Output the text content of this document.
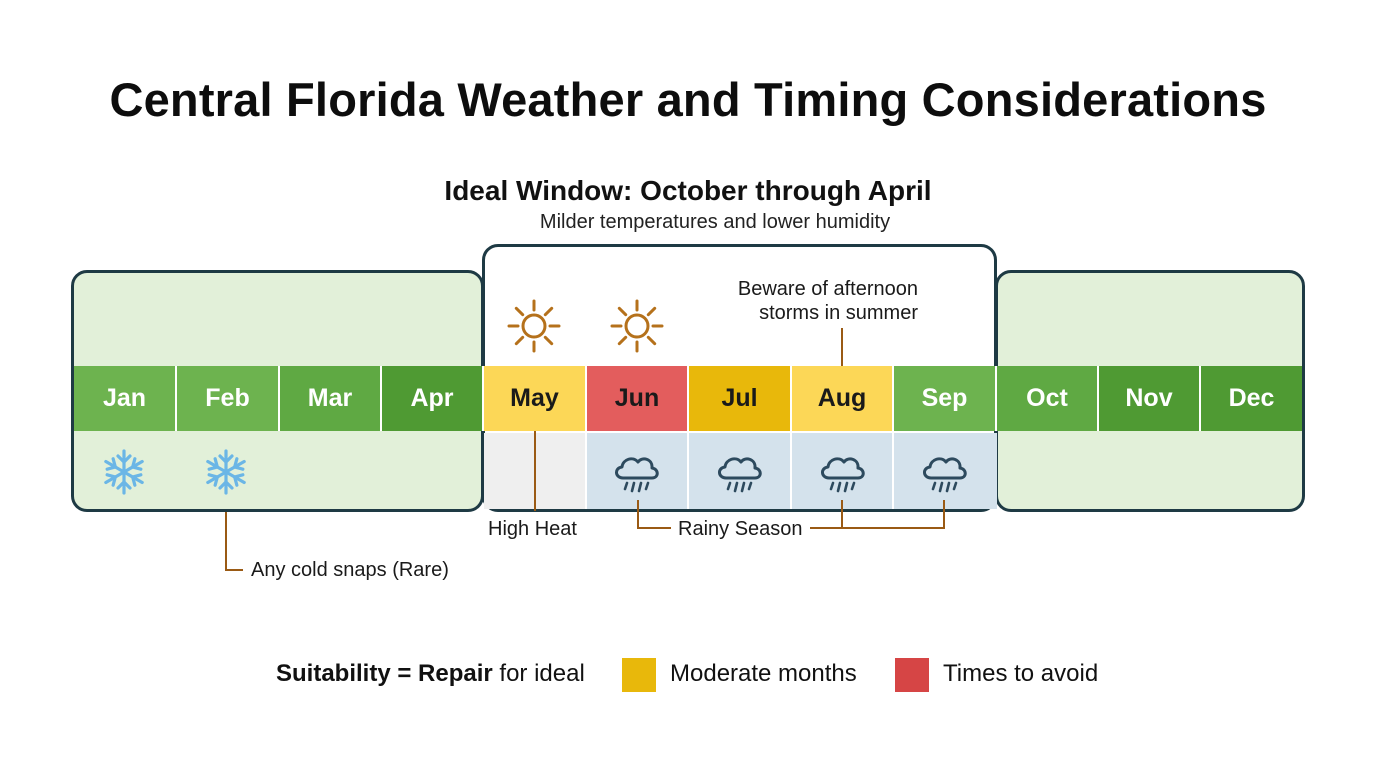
Central Florida Weather and Timing Considerations
Ideal Window: October through April
Milder temperatures and lower humidity
Jan	Feb	Mar	Apr	May	Jun	Jul	Aug	Sep	Oct	Nov	Dec
Beware of afternoon
storms in summer
High Heat	Rainy Season
Any cold snaps (Rare)
Suitability = Repair for ideal	Moderate months	Times to avoid
